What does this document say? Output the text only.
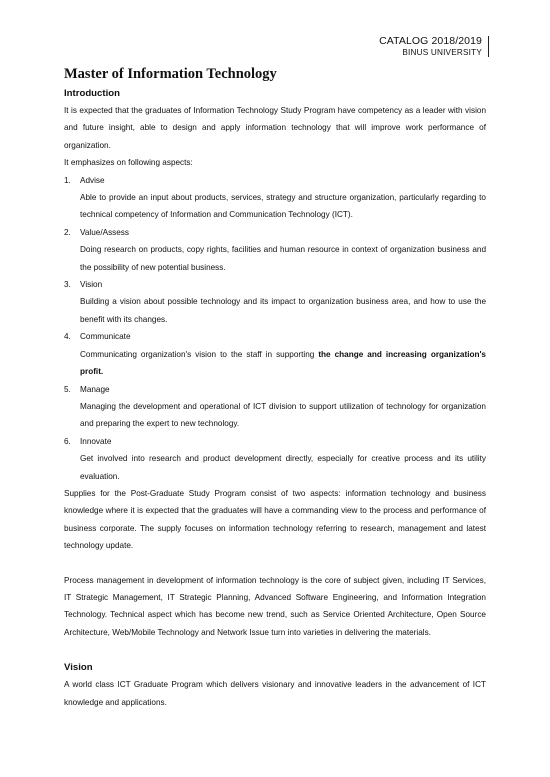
CATALOG 2018/2019
BINUS UNIVERSITY
Master of Information Technology
Introduction

It is expected that the graduates of Information Technology Study Program have competency as a leader with vision and future insight, able to design and apply information technology that will improve work performance of organization.

It emphasizes on following aspects:

1.	Advise
Able to provide an input about products, services, strategy and structure organization, particularly regarding to technical competency of Information and Communication Technology (ICT).
2.	Value/Assess
Doing research on products, copy rights, facilities and human resource in context of organization business and the possibility of new potential business.
3.	Vision
Building a vision about possible technology and its impact to organization business area, and how to use the benefit with its changes.
4.	Communicate
Communicating organization's vision to the staff in supporting the change and increasing organization's profit.
5.	Manage
Managing the development and operational of ICT division to support utilization of technology for organization and preparing the expert to new technology.
6.	Innovate
Get involved into research and product development directly, especially for creative process and its utility evaluation.

Supplies for the Post-Graduate Study Program consist of two aspects: information technology and business knowledge where it is expected that the graduates will have a commanding view to the process and performance of business corporate. The supply focuses on information technology referring to research, management and latest technology update.

Process management in development of information technology is the core of subject given, including IT Services, IT Strategic Management, IT Strategic Planning, Advanced Software Engineering, and Information Integration Technology. Technical aspect which has become new trend, such as Service Oriented Architecture, Open Source Architecture, Web/Mobile Technology and Network Issue turn into varieties in delivering the materials.

Vision

A world class ICT Graduate Program which delivers visionary and innovative leaders in the advancement of ICT knowledge and applications.
